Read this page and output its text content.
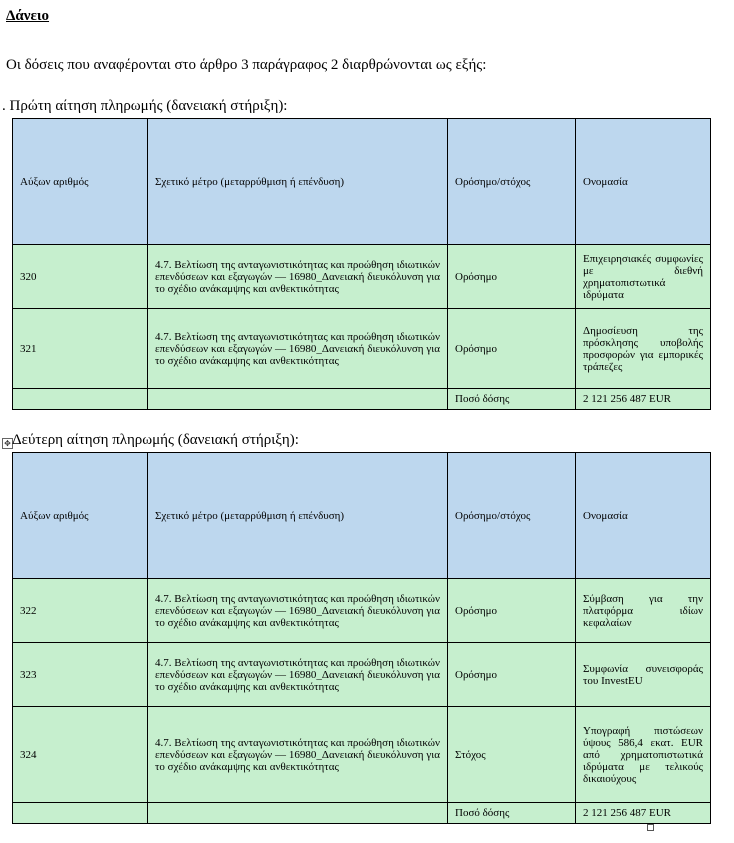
Δάνειο
Οι δόσεις που αναφέρονται στο άρθρο 3 παράγραφος 2 διαρθρώνονται ως εξής:
. Πρώτη αίτηση πληρωμής (δανειακή στήριξη):
Αύξων αριθμός	Σχετικό μέτρο (μεταρρύθμιση ή επένδυση)	Ορόσημο/στόχος	Ονομασία
320	4.7. Βελτίωση της ανταγωνιστικότητας και προώθηση ιδιωτικών επενδύσεων και εξαγωγών — 16980_Δανειακή διευκόλυνση για το σχέδιο ανάκαμψης και ανθεκτικότητας	Ορόσημο	Επιχειρησιακές συμφωνίες με διεθνή χρηματοπιστωτικά ιδρύματα
321	4.7. Βελτίωση της ανταγωνιστικότητας και προώθηση ιδιωτικών επενδύσεων και εξαγωγών — 16980_Δανειακή διευκόλυνση για το σχέδιο ανάκαμψης και ανθεκτικότητας	Ορόσημο	Δημοσίευση της πρόσκλησης υποβολής προσφορών για εμπορικές τράπεζες
		Ποσό δόσης	2 121 256 487 EUR
✥ Δεύτερη αίτηση πληρωμής (δανειακή στήριξη):
Αύξων αριθμός	Σχετικό μέτρο (μεταρρύθμιση ή επένδυση)	Ορόσημο/στόχος	Ονομασία
322	4.7. Βελτίωση της ανταγωνιστικότητας και προώθηση ιδιωτικών επενδύσεων και εξαγωγών — 16980_Δανειακή διευκόλυνση για το σχέδιο ανάκαμψης και ανθεκτικότητας	Ορόσημο	Σύμβαση για την πλατφόρμα ιδίων κεφαλαίων
323	4.7. Βελτίωση της ανταγωνιστικότητας και προώθηση ιδιωτικών επενδύσεων και εξαγωγών — 16980_Δανειακή διευκόλυνση για το σχέδιο ανάκαμψης και ανθεκτικότητας	Ορόσημο	Συμφωνία συνεισφοράς του InvestEU
324	4.7. Βελτίωση της ανταγωνιστικότητας και προώθηση ιδιωτικών επενδύσεων και εξαγωγών — 16980_Δανειακή διευκόλυνση για το σχέδιο ανάκαμψης και ανθεκτικότητας	Στόχος	Υπογραφή πιστώσεων ύψους 586,4 εκατ. EUR από χρηματοπιστωτικά ιδρύματα με τελικούς δικαιούχους
		Ποσό δόσης	2 121 256 487 EUR
